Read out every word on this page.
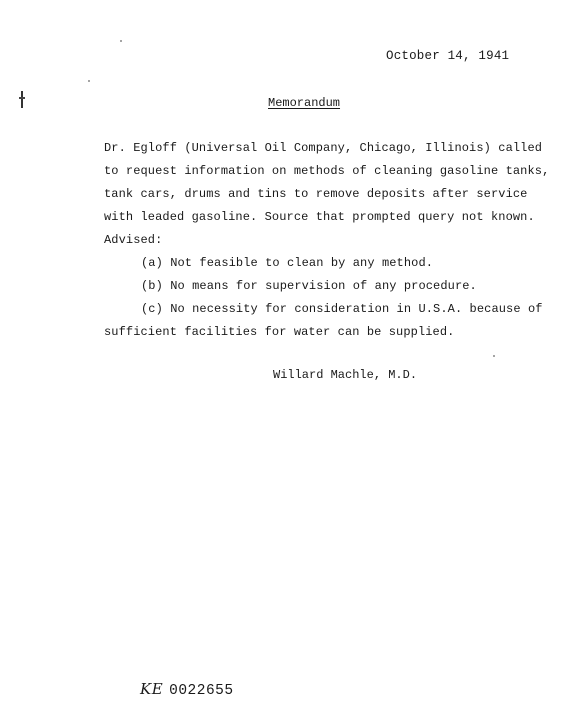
October 14, 1941
Memorandum
Dr. Egloff (Universal Oil Company, Chicago, Illinois) called
to request information on methods of cleaning gasoline tanks,
tank cars, drums and tins to remove deposits after service
with leaded gasoline. Source that prompted query not known.
Advised:
(a) Not feasible to clean by any method.
(b) No means for supervision of any procedure.
(c) No necessity for consideration in U.S.A. because of
sufficient facilities for water can be supplied.
Willard Machle, M.D.
KE 0022655
